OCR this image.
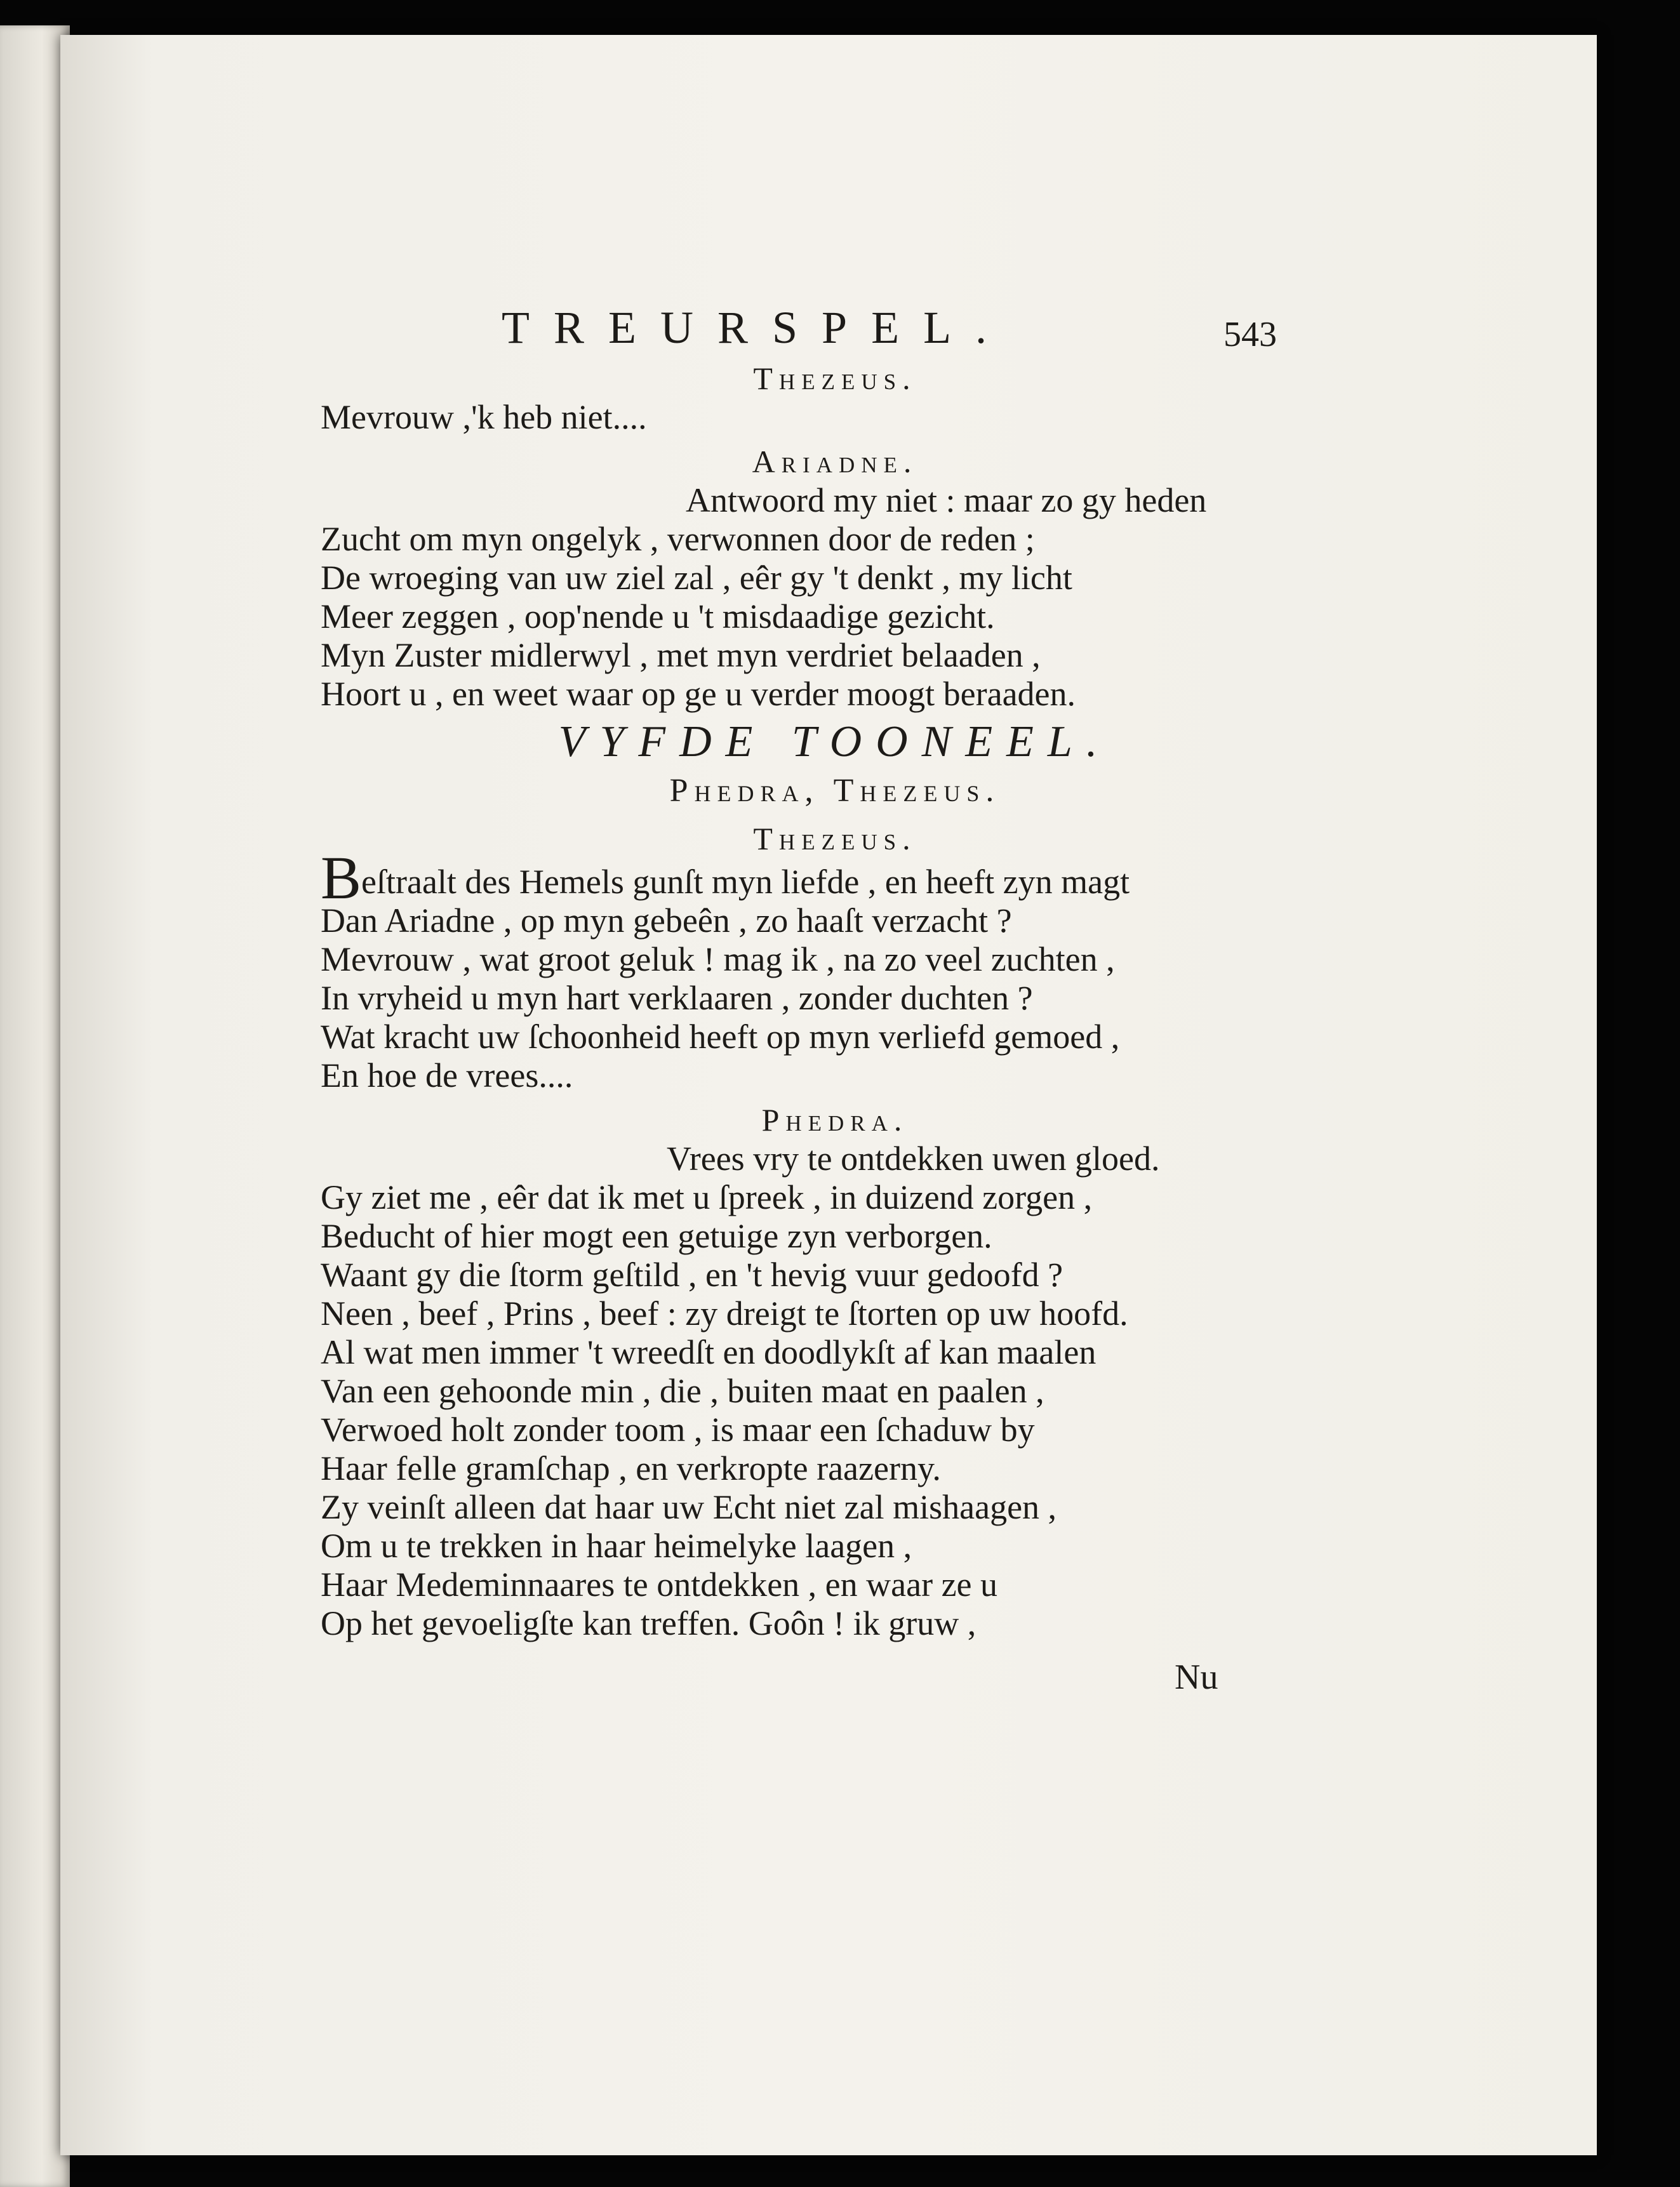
TREURSPEL.	543
Thezeus.
Mevrouw ,'k heb niet....
Ariadne.
Antwoord my niet : maar zo gy heden
Zucht om myn ongelyk , verwonnen door de reden ;
De wroeging van uw ziel zal , eêr gy 't denkt , my licht
Meer zeggen , oop'nende u 't misdaadige gezicht.
Myn Zuster midlerwyl , met myn verdriet belaaden ,
Hoort u , en weet waar op ge u verder moogt beraaden.
VYFDE TOONEEL.
Phedra, Thezeus.
Thezeus.
Beſtraalt des Hemels gunſt myn liefde , en heeft zyn magt
Dan Ariadne , op myn gebeên , zo haaſt verzacht ?
Mevrouw , wat groot geluk ! mag ik , na zo veel zuchten ,
In vryheid u myn hart verklaaren , zonder duchten ?
Wat kracht uw ſchoonheid heeft op myn verliefd gemoed ,
En hoe de vrees....
Phedra.
Vrees vry te ontdekken uwen gloed.
Gy ziet me , eêr dat ik met u ſpreek , in duizend zorgen ,
Beducht of hier mogt een getuige zyn verborgen.
Waant gy die ſtorm geſtild , en 't hevig vuur gedoofd ?
Neen , beef , Prins , beef : zy dreigt te ſtorten op uw hoofd.
Al wat men immer 't wreedſt en doodlykſt af kan maalen
Van een gehoonde min , die , buiten maat en paalen ,
Verwoed holt zonder toom , is maar een ſchaduw by
Haar felle gramſchap , en verkropte raazerny.
Zy veinſt alleen dat haar uw Echt niet zal mishaagen ,
Om u te trekken in haar heimelyke laagen ,
Haar Medeminnaares te ontdekken , en waar ze u
Op het gevoeligſte kan treffen. Goôn ! ik gruw ,
Nu
